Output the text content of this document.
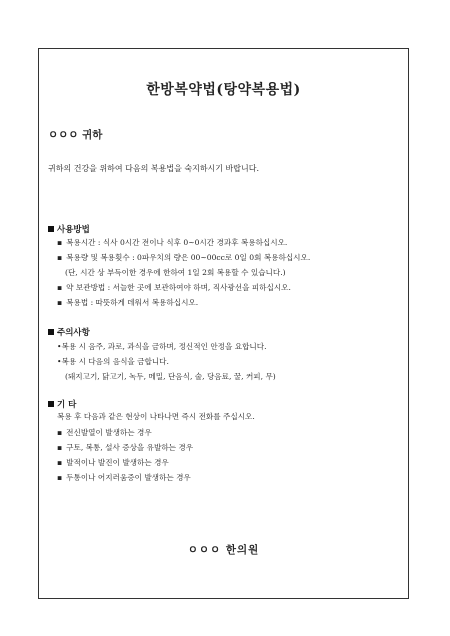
한방복약법(탕약복용법)
ㅇㅇㅇ 귀하
귀하의 건강을 위하여 다음의 복용법을 숙지하시기 바랍니다.
사용방법
▪ 복용시간 : 식사 0시간 전이나 식후 0~0시간 경과후 복용하십시오.
▪ 복용량 및 복용횟수 : 0파우치의 량은 00~00cc로 0일 0회 복용하십시오.
(단, 시간 상 부득이한 경우에 한하여 1일 2회 복용할 수 있습니다.)
▪ 약 보관방법 : 서늘한 곳에 보관하여야 하며, 직사광선을 피하십시오.
▪ 복용법 : 따뜻하게 데워서 복용하십시오.
주의사항
•복용 시 음주, 과로, 과식을 금하며, 정신적인 안정을 요합니다.
•복용 시 다음의 음식을 금합니다.
(돼지고기, 닭고기, 녹두, 메밀, 단음식, 술, 당음료, 꿀, 커피, 무)
기 타
복용 후 다음과 같은 현상이 나타나면 즉시 전화를 주십시오.
▪ 전신발열이 발생하는 경우
▪ 구토, 복통, 설사 증상을 유발하는 경우
▪ 발적이나 발진이 발생하는 경우
▪ 두통이나 어지러움증이 발생하는 경우
ㅇㅇㅇ 한의원
